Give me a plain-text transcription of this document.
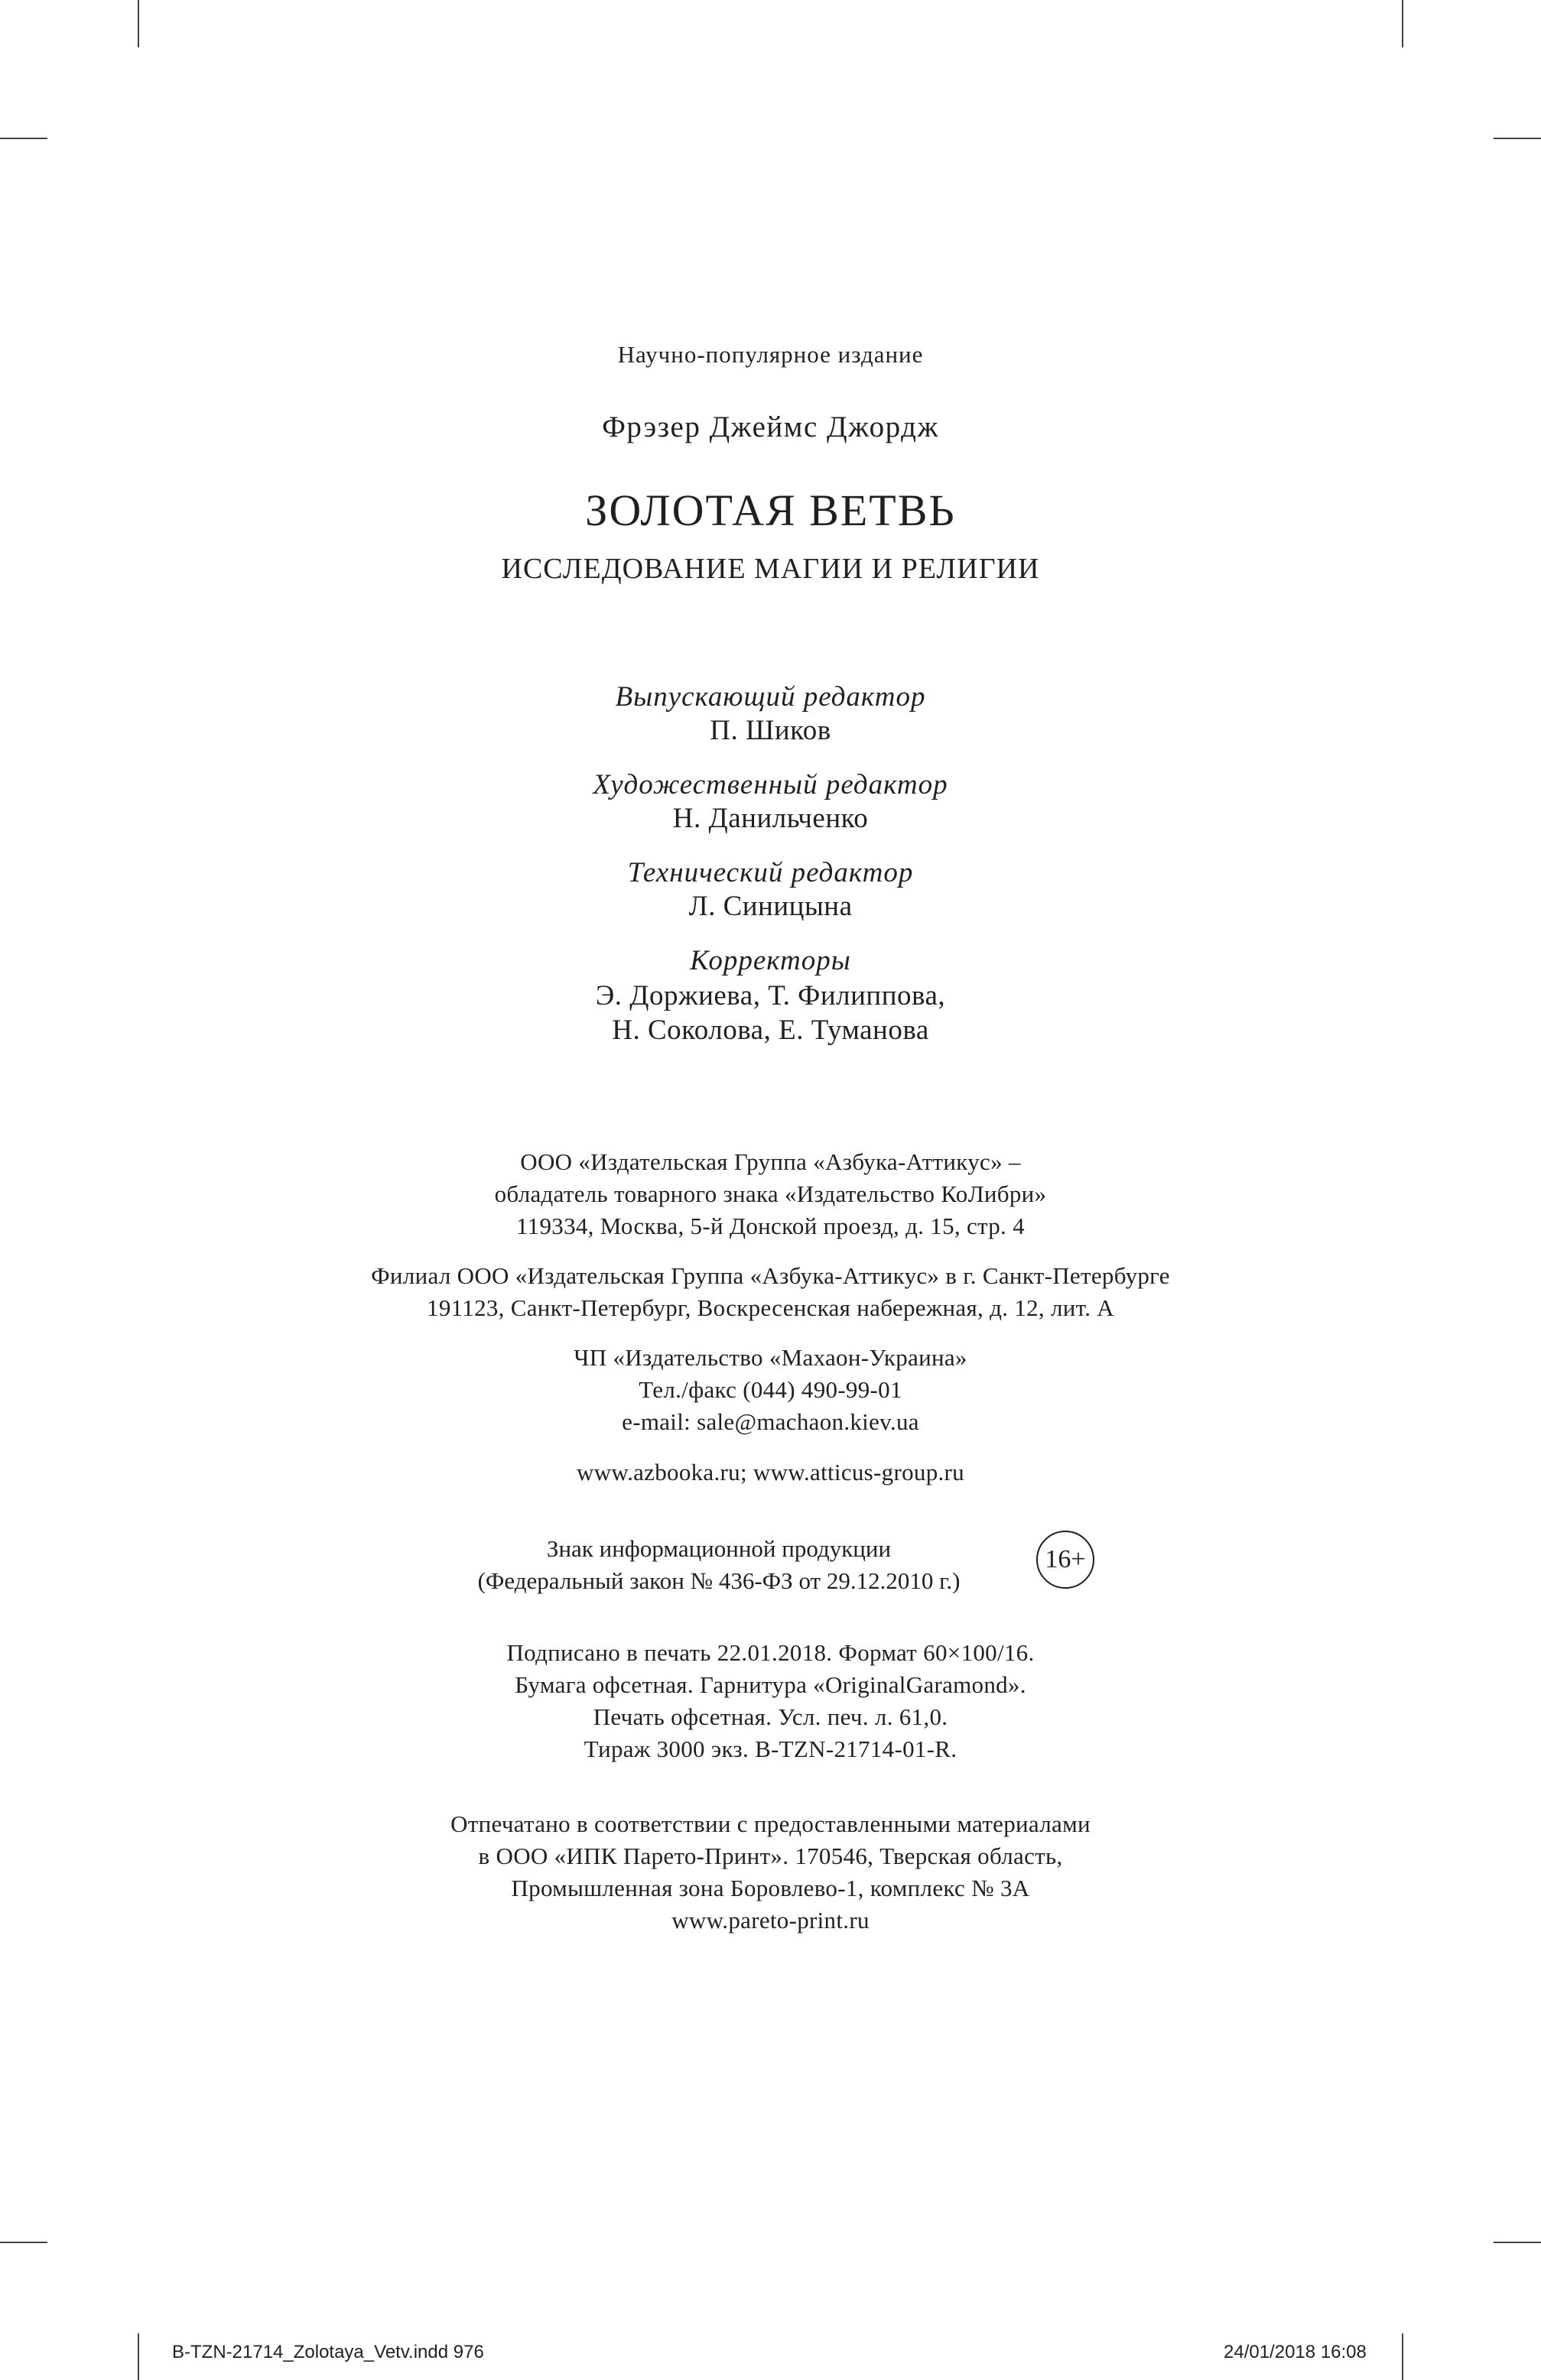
Научно-популярное издание
Фрэзер Джеймс Джордж
ЗОЛОТАЯ ВЕТВЬ
ИССЛЕДОВАНИЕ МАГИИ И РЕЛИГИИ
Выпускающий редактор
П. Шиков
Художественный редактор
Н. Данильченко
Технический редактор
Л. Синицына
Корректоры
Э. Доржиева, Т. Филиппова,
Н. Соколова, Е. Туманова
ООО «Издательская Группа «Азбука-Аттикус» –
обладатель товарного знака «Издательство КоЛибри»
119334, Москва, 5-й Донской проезд, д. 15, стр. 4
Филиал ООО «Издательская Группа «Азбука-Аттикус» в г. Санкт-Петербурге
191123, Санкт-Петербург, Воскресенская набережная, д. 12, лит. А
ЧП «Издательство «Махаон-Украина»
Тел./факс (044) 490-99-01
e-mail: sale@machaon.kiev.ua
www.azbooka.ru; www.atticus-group.ru
Знак информационной продукции
(Федеральный закон № 436-ФЗ от 29.12.2010 г.)
16+
Подписано в печать 22.01.2018. Формат 60×100/16.
Бумага офсетная. Гарнитура «OriginalGaramond».
Печать офсетная. Усл. печ. л. 61,0.
Тираж 3000 экз. B-TZN-21714-01-R.
Отпечатано в соответствии с предоставленными материалами
в ООО «ИПК Парето-Принт». 170546, Тверская область,
Промышленная зона Боровлево-1, комплекс № 3А
www.pareto-print.ru
B-TZN-21714_Zolotaya_Vetv.indd 976	24/01/2018 16:08
